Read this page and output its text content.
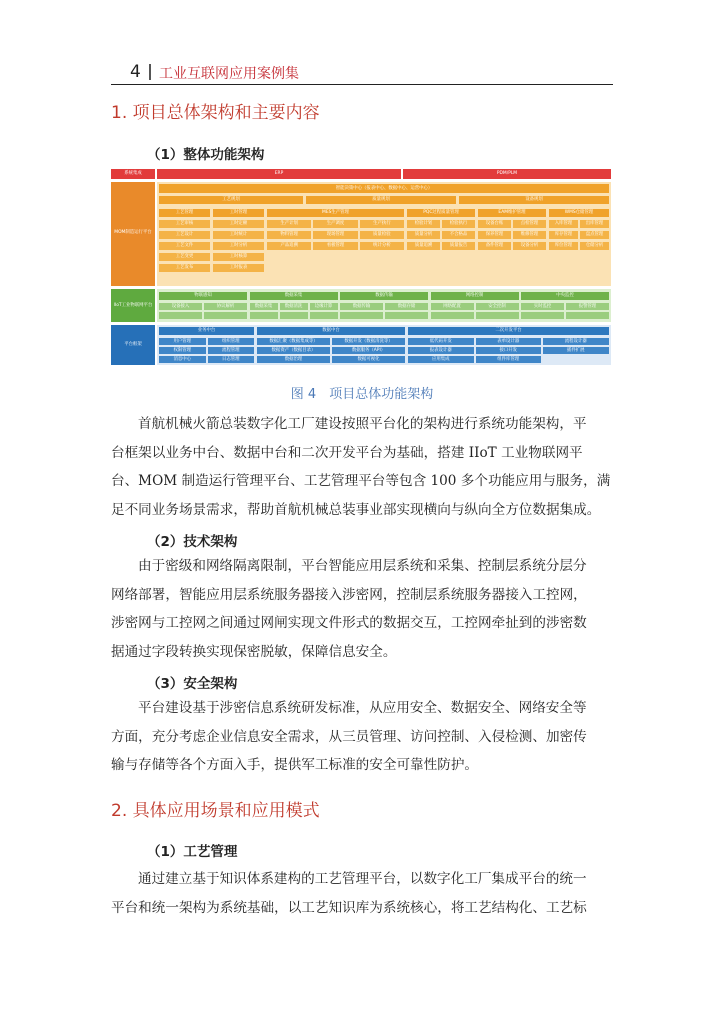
4 工业互联网应用案例集
1. 项目总体架构和主要内容
（1）整体功能架构
系统集成	ERP	PDM/PLM
MOM制造运行平台
智能决策中心（报表中心、数据中心、运营中心）
工艺规划	质量规划	设备规划
工艺管理
工艺审核
工艺设计
工艺文件
工艺变更
工艺发布
工时管理
工时定额
工时统计
工时分析
工时核算
工时报表
MES生产管理
生产计划	生产调度	生产执行
物料管理	现场管理	质量检验
产品追溯	看板管理	统计分析
PQC过程质量管理
检验计划	检验执行
质量分析	不合格品
质量追溯	质量报告
EAM维护管理
设备台账	点检管理
保养管理	维修管理
备件管理	设备分析
WMS仓储管理
入库管理	出库管理
库存管理	盘点管理
库位管理	仓储分析
IIoT工业物联网平台
物联感知
设备接入	协议解析
数据采集
数据采集	数据清洗	边缘计算
数据传输
数据传输	数据存储
网络控制
网络配置	安全控制
中央监控
实时监控	报警管理
平台框架
业务中台	数据中台	二次开发平台
用户管理	组织管理
权限管理	流程管理
消息中心	日志管理
数据汇聚（数据集成等）	数据开发（数据清洗等）
数据资产（数据目录）	数据服务（API）
数据治理	数据可视化
低代码开发	表单设计器	流程设计器
报表设计器	接口开发	插件扩展
应用集成	组件库管理
图 4　项目总体功能架构
首航机械火箭总装数字化工厂建设按照平台化的架构进行系统功能架构，平
台框架以业务中台、数据中台和二次开发平台为基础，搭建 IIoT 工业物联网平
台、MOM 制造运行管理平台、工艺管理平台等包含 100 多个功能应用与服务，满
足不同业务场景需求，帮助首航机械总装事业部实现横向与纵向全方位数据集成。
（2）技术架构
由于密级和网络隔离限制，平台智能应用层系统和采集、控制层系统分层分
网络部署，智能应用层系统服务器接入涉密网，控制层系统服务器接入工控网，
涉密网与工控网之间通过网闸实现文件形式的数据交互，工控网牵扯到的涉密数
据通过字段转换实现保密脱敏，保障信息安全。
（3）安全架构
平台建设基于涉密信息系统研发标准，从应用安全、数据安全、网络安全等
方面，充分考虑企业信息安全需求，从三员管理、访问控制、入侵检测、加密传
输与存储等各个方面入手，提供军工标准的安全可靠性防护。
2. 具体应用场景和应用模式
（1）工艺管理
通过建立基于知识体系建构的工艺管理平台，以数字化工厂集成平台的统一
平台和统一架构为系统基础，以工艺知识库为系统核心，将工艺结构化、工艺标
